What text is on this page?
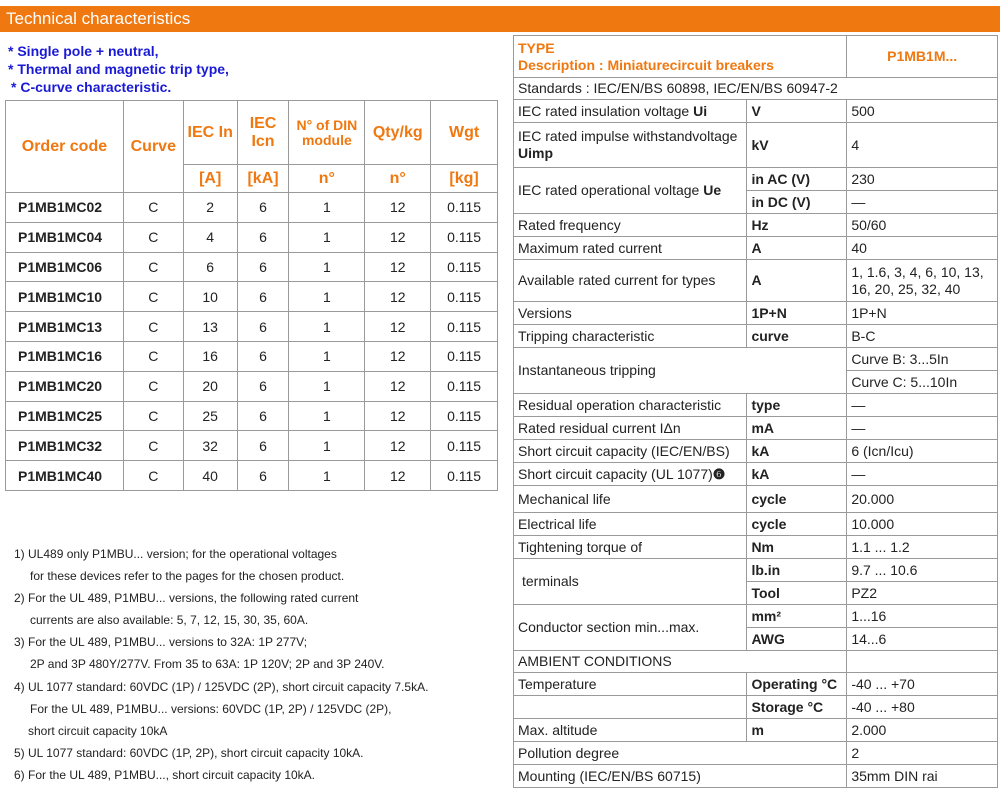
Technical characteristics
* Single pole + neutral,
* Thermal and magnetic trip type,
* C-curve characteristic.
Order code	Curve	IEC In	IEC Icn	N° of DIN module	Qty/kg	Wgt
		[A]	[kA]	n°	n°	[kg]
P1MB1MC02	C	2	6	1	12	0.115
P1MB1MC04	C	4	6	1	12	0.115
P1MB1MC06	C	6	6	1	12	0.115
P1MB1MC10	C	10	6	1	12	0.115
P1MB1MC13	C	13	6	1	12	0.115
P1MB1MC16	C	16	6	1	12	0.115
P1MB1MC20	C	20	6	1	12	0.115
P1MB1MC25	C	25	6	1	12	0.115
P1MB1MC32	C	32	6	1	12	0.115
P1MB1MC40	C	40	6	1	12	0.115
1) UL489 only P1MBU... version; for the operational voltages
for these devices refer to the pages for the chosen product.
2) For the UL 489, P1MBU... versions, the following rated current
currents are also available: 5, 7, 12, 15, 30, 35, 60A.
3) For the UL 489, P1MBU... versions to 32A: 1P 277V;
2P and 3P 480Y/277V. From 35 to 63A: 1P 120V; 2P and 3P 240V.
4) UL 1077 standard: 60VDC (1P) / 125VDC (2P), short circuit capacity 7.5kA.
For the UL 489, P1MBU... versions: 60VDC (1P, 2P) / 125VDC (2P),
short circuit capacity 10kA
5) UL 1077 standard: 60VDC (1P, 2P), short circuit capacity 10kA.
6) For the UL 489, P1MBU..., short circuit capacity 10kA.
TYPE
Description : Miniaturecircuit breakers		P1MB1M...
Standards : IEC/EN/BS 60898, IEC/EN/BS 60947-2		
IEC rated insulation voltage Ui	V	500
IEC rated impulse withstandvoltage Uimp	kV	4
IEC rated operational voltage Ue	in AC (V)	230
	in DC (V)	—
Rated frequency	Hz	50/60
Maximum rated current	A	40
Available rated current for types	A	1, 1.6, 3, 4, 6, 10, 13, 16, 20, 25, 32, 40
Versions	1P+N	1P+N
Tripping characteristic	curve	B-C
Instantaneous tripping		Curve B: 3...5In
		Curve C: 5...10In
Residual operation characteristic	type	—
Rated residual current IΔn	mA	—
Short circuit capacity (IEC/EN/BS)	kA	6 (Icn/Icu)
Short circuit capacity (UL 1077)❻	kA	—
Mechanical life	cycle	20.000
Electrical life	cycle	10.000
Tightening torque of	Nm	1.1 ... 1.2
terminals	lb.in	9.7 ... 10.6
	Tool	PZ2
Conductor section min...max.	mm²	1...16
	AWG	14...6
AMBIENT CONDITIONS		
Temperature	Operating °C	-40 ... +70
	Storage °C	-40 ... +80
Max. altitude	m	2.000
Pollution degree		2
Mounting (IEC/EN/BS 60715)		35mm DIN rai
